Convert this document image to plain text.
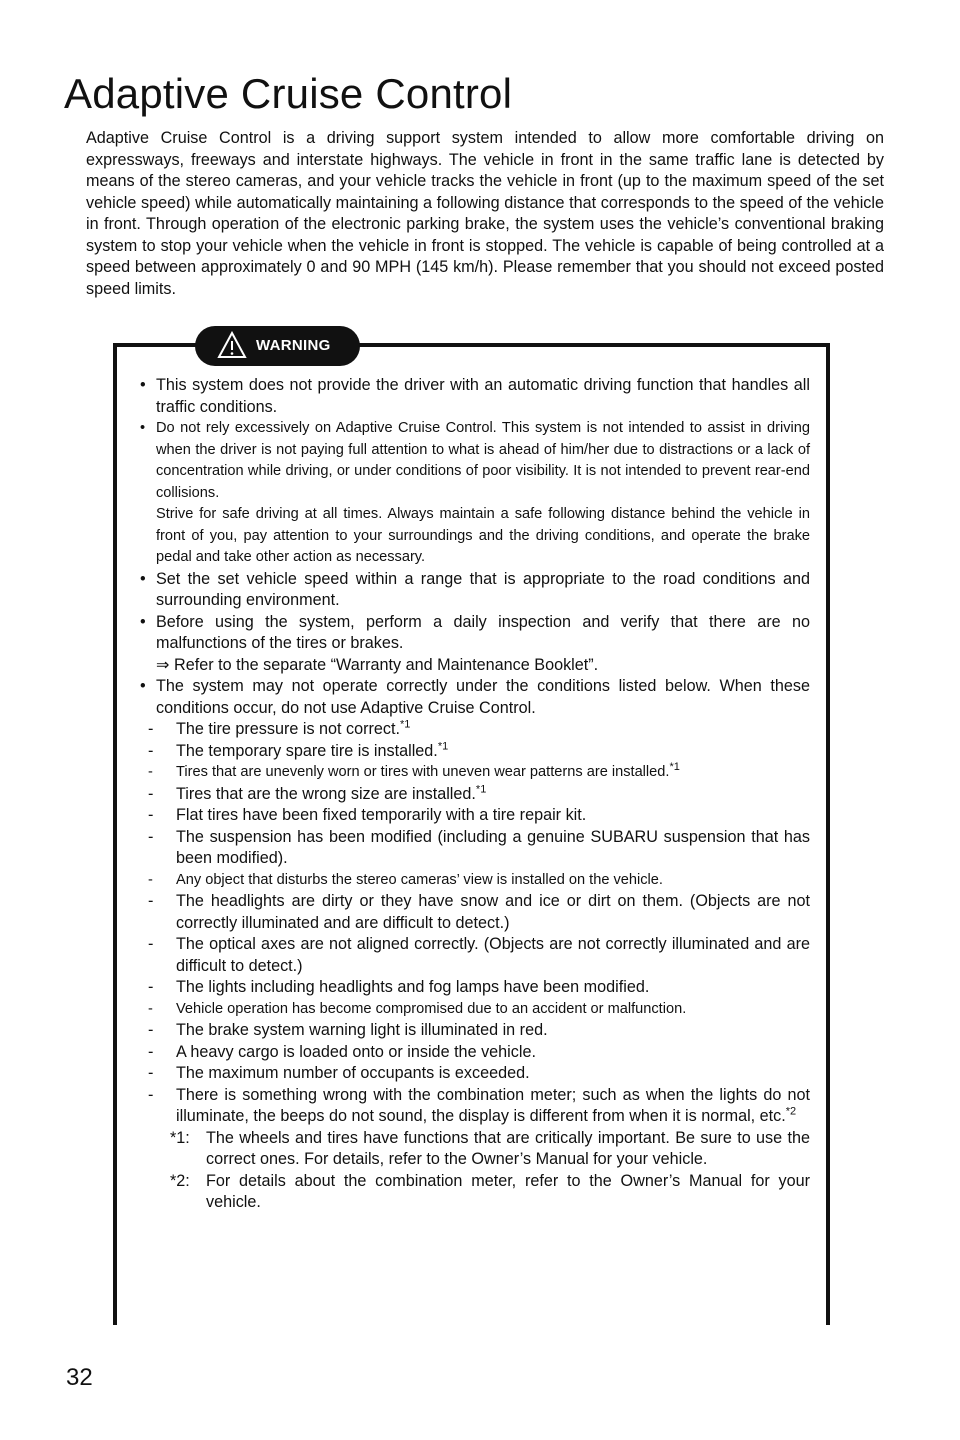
Adaptive Cruise Control
Adaptive Cruise Control is a driving support system intended to allow more comfortable driving on expressways, freeways and interstate highways. The vehicle in front in the same traffic lane is detected by means of the stereo cameras, and your vehicle tracks the vehicle in front (up to the maximum speed of the set vehicle speed) while automatically maintaining a following distance that corresponds to the speed of the vehicle in front. Through operation of the electronic parking brake, the system uses the vehicle’s conventional braking system to stop your vehicle when the vehicle in front is stopped. The vehicle is capable of being controlled at a speed between approximately 0 and 90 MPH (145 km/h). Please remember that you should not exceed posted speed limits.
WARNING
• This system does not provide the driver with an automatic driving function that handles all traffic conditions.
• Do not rely excessively on Adaptive Cruise Control. This system is not intended to assist in driving when the driver is not paying full attention to what is ahead of him/her due to distractions or a lack of concentration while driving, or under conditions of poor visibility. It is not intended to prevent rear-end collisions.
Strive for safe driving at all times. Always maintain a safe following distance behind the vehicle in front of you, pay attention to your surroundings and the driving conditions, and operate the brake pedal and take other action as necessary.
• Set the set vehicle speed within a range that is appropriate to the road conditions and surrounding environment.
• Before using the system, perform a daily inspection and verify that there are no malfunctions of the tires or brakes.
⇒ Refer to the separate “Warranty and Maintenance Booklet”.
• The system may not operate correctly under the conditions listed below. When these conditions occur, do not use Adaptive Cruise Control.
- The tire pressure is not correct.$^{*1}$
- The temporary spare tire is installed.$^{*1}$
- Tires that are unevenly worn or tires with uneven wear patterns are installed.$^{*1}$
- Tires that are the wrong size are installed.$^{*1}$
- Flat tires have been fixed temporarily with a tire repair kit.
- The suspension has been modified (including a genuine SUBARU suspension that has been modified).
- Any object that disturbs the stereo cameras’ view is installed on the vehicle.
- The headlights are dirty or they have snow and ice or dirt on them. (Objects are not correctly illuminated and are difficult to detect.)
- The optical axes are not aligned correctly. (Objects are not correctly illuminated and are difficult to detect.)
- The lights including headlights and fog lamps have been modified.
- Vehicle operation has become compromised due to an accident or malfunction.
- The brake system warning light is illuminated in red.
- A heavy cargo is loaded onto or inside the vehicle.
- The maximum number of occupants is exceeded.
- There is something wrong with the combination meter; such as when the lights do not illuminate, the beeps do not sound, the display is different from when it is normal, etc.$^{*2}$
*1: The wheels and tires have functions that are critically important. Be sure to use the correct ones. For details, refer to the Owner’s Manual for your vehicle.
*2: For details about the combination meter, refer to the Owner’s Manual for your vehicle.
32
